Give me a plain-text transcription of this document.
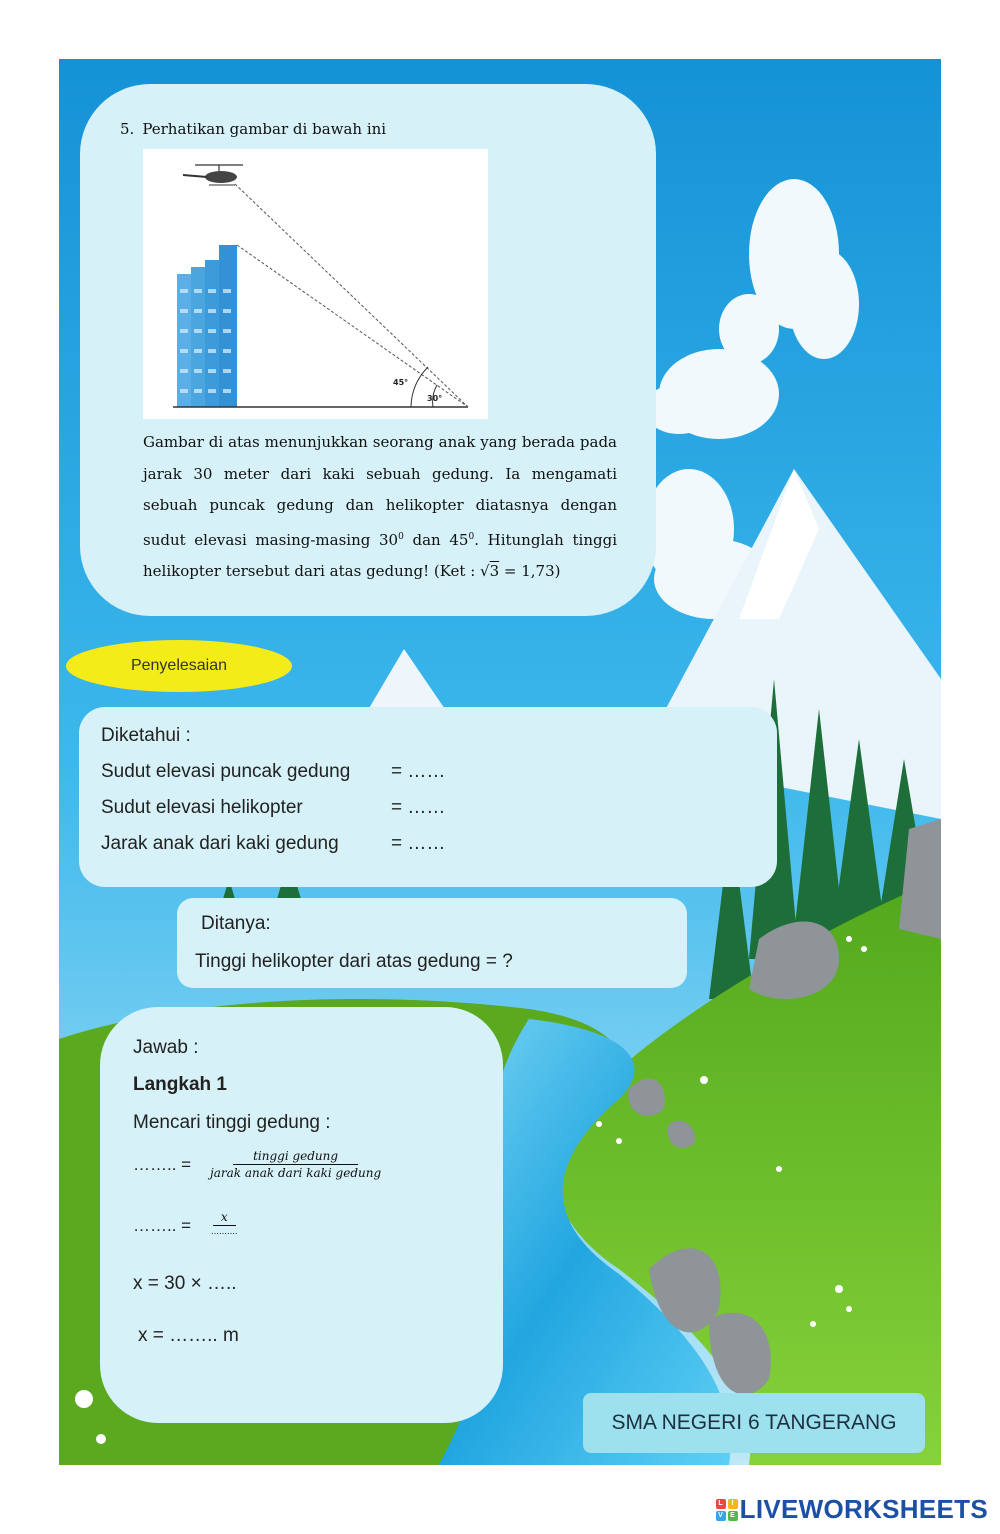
5. Perhatikan gambar di bawah ini
45°
30°
Gambar di atas menunjukkan seorang anak yang berada pada jarak 30 meter dari kaki sebuah gedung. Ia mengamati sebuah puncak gedung dan helikopter diatasnya dengan sudut elevasi masing-masing $30^0$ dan $45^0$. Hitunglah tinggi helikopter tersebut dari atas gedung! (Ket : √3 = 1,73)
Penyelesaian
Diketahui :
Sudut elevasi puncak gedung = ……
Sudut elevasi helikopter	= ……
Jarak anak dari kaki gedung	= ……
Ditanya:
Tinggi helikopter dari atas gedung = ?
Jawab :
Langkah 1
Mencari tinggi gedung :
…….. =	tinggi gedung
jarak anak dari kaki gedung
…….. =	x
……….
x = 30 × …..
x = …….. m
SMA NEGERI 6 TANGERANG
L	I
V	E LIVEWORKSHEETS
